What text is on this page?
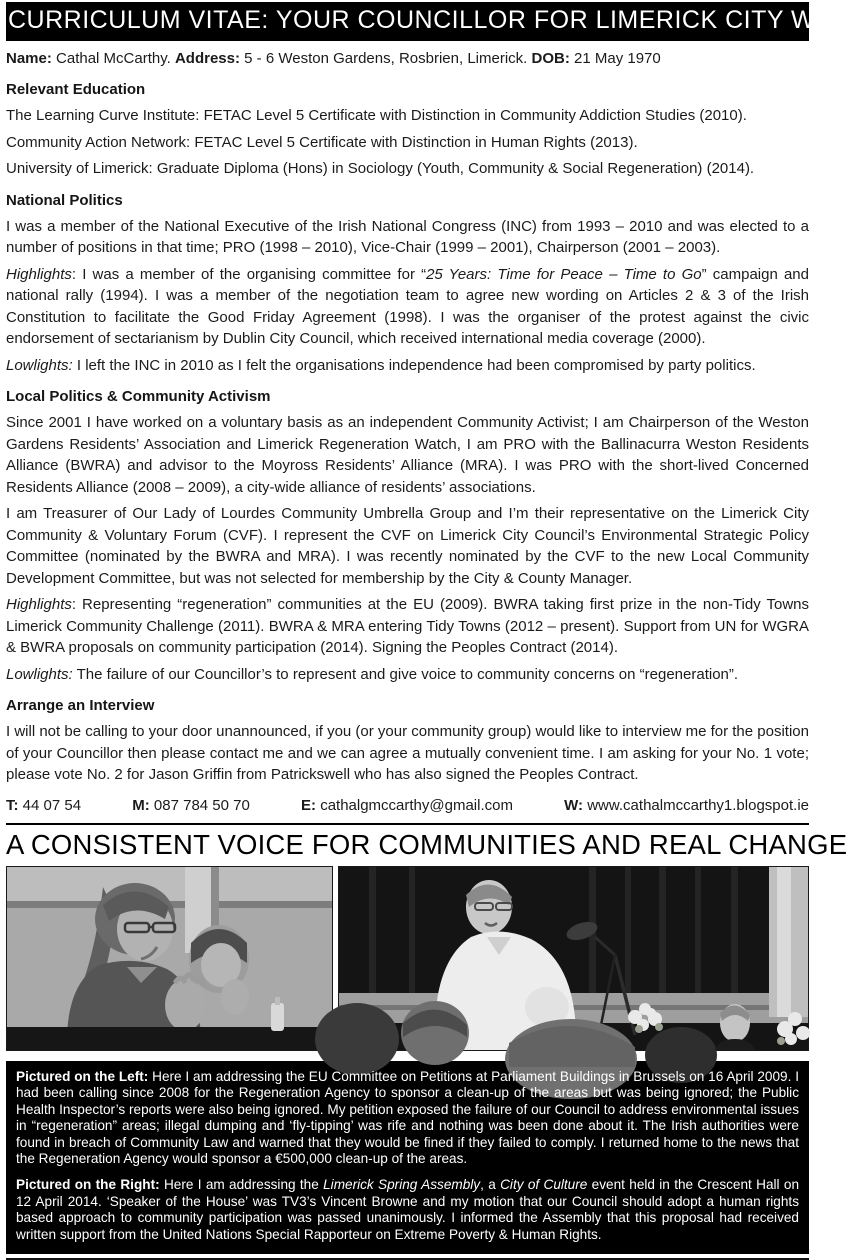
CURRICULUM VITAE: YOUR COUNCILLOR FOR LIMERICK CITY WEST

Name: Cathal McCarthy. Address: 5 - 6 Weston Gardens, Rosbrien, Limerick. DOB: 21 May 1970

Relevant Education

The Learning Curve Institute: FETAC Level 5 Certificate with Distinction in Community Addiction Studies (2010).

Community Action Network: FETAC Level 5 Certificate with Distinction in Human Rights (2013).

University of Limerick: Graduate Diploma (Hons) in Sociology (Youth, Community & Social Regeneration) (2014).

National Politics

I was a member of the National Executive of the Irish National Congress (INC) from 1993 – 2010 and was elected to a number of positions in that time; PRO (1998 – 2010), Vice-Chair (1999 – 2001), Chairperson (2001 – 2003).

Highlights: I was a member of the organising committee for “25 Years: Time for Peace – Time to Go” campaign and national rally (1994). I was a member of the negotiation team to agree new wording on Articles 2 & 3 of the Irish Constitution to facilitate the Good Friday Agreement (1998). I was the organiser of the protest against the civic endorsement of sectarianism by Dublin City Council, which received international media coverage (2000).

Lowlights: I left the INC in 2010 as I felt the organisations independence had been compromised by party politics.

Local Politics & Community Activism

Since 2001 I have worked on a voluntary basis as an independent Community Activist; I am Chairperson of the Weston Gardens Residents’ Association and Limerick Regeneration Watch, I am PRO with the Ballinacurra Weston Residents Alliance (BWRA) and advisor to the Moyross Residents’ Alliance (MRA). I was PRO with the short-lived Concerned Residents Alliance (2008 – 2009), a city-wide alliance of residents’ associations.

I am Treasurer of Our Lady of Lourdes Community Umbrella Group and I’m their representative on the Limerick City Community & Voluntary Forum (CVF). I represent the CVF on Limerick City Council’s Environmental Strategic Policy Committee (nominated by the BWRA and MRA). I was recently nominated by the CVF to the new Local Community Development Committee, but was not selected for membership by the City & County Manager.

Highlights: Representing “regeneration” communities at the EU (2009). BWRA taking first prize in the non-Tidy Towns Limerick Community Challenge (2011). BWRA & MRA entering Tidy Towns (2012 – present). Support from UN for WGRA & BWRA proposals on community participation (2014). Signing the Peoples Contract (2014).

Lowlights: The failure of our Councillor’s to represent and give voice to community concerns on “regeneration”.

Arrange an Interview

I will not be calling to your door unannounced, if you (or your community group) would like to interview me for the position of your Councillor then please contact me and we can agree a mutually convenient time. I am asking for your No. 1 vote; please vote No. 2 for Jason Griffin from Patrickswell who has also signed the Peoples Contract.

T: 44 07 54	M: 087 784 50 70	E: cathalgmccarthy@gmail.com	W: www.cathalmccarthy1.blogspot.ie
A CONSISTENT VOICE FOR COMMUNITIES AND REAL CHANGE

Pictured on the Left: Here I am addressing the EU Committee on Petitions at Parliament Buildings in Brussels on 16 April 2009. I had been calling since 2008 for the Regeneration Agency to sponsor a clean-up of the areas but was being ignored; the Public Health Inspector’s reports were also being ignored. My petition exposed the failure of our Council to address environmental issues in “regeneration” areas; illegal dumping and ‘fly-tipping’ was rife and nothing was been done about it. The Irish authorities were found in breach of Community Law and warned that they would be fined if they failed to comply. I returned home to the news that the Regeneration Agency would sponsor a €500,000 clean-up of the areas.

Pictured on the Right: Here I am addressing the Limerick Spring Assembly, a City of Culture event held in the Crescent Hall on 12 April 2014. ‘Speaker of the House’ was TV3’s Vincent Browne and my motion that our Council should adopt a human rights based approach to community participation was passed unanimously. I informed the Assembly that this proposal had received written support from the United Nations Special Rapporteur on Extreme Poverty & Human Rights.
